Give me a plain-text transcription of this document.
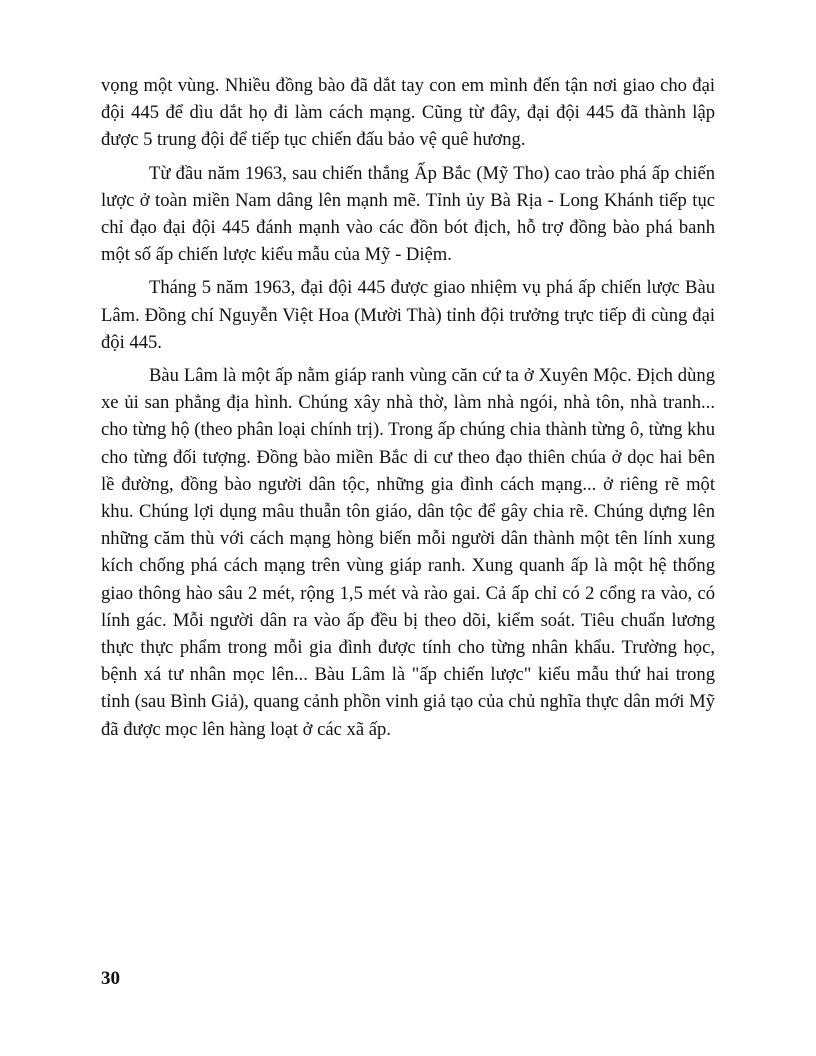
vọng một vùng. Nhiều đồng bào đã dắt tay con em mình đến tận nơi giao cho đại đội 445 để dìu dắt họ đi làm cách mạng. Cũng từ đây, đại đội 445 đã thành lập được 5 trung đội để tiếp tục chiến đấu bảo vệ quê hương.

Từ đầu năm 1963, sau chiến thắng Ấp Bắc (Mỹ Tho) cao trào phá ấp chiến lược ở toàn miền Nam dâng lên mạnh mẽ. Tỉnh ủy Bà Rịa - Long Khánh tiếp tục chỉ đạo đại đội 445 đánh mạnh vào các đồn bót địch, hỗ trợ đồng bào phá banh một số ấp chiến lược kiểu mẫu của Mỹ - Diệm.

Tháng 5 năm 1963, đại đội 445 được giao nhiệm vụ phá ấp chiến lược Bàu Lâm. Đồng chí Nguyễn Việt Hoa (Mười Thà) tỉnh đội trưởng trực tiếp đi cùng đại đội 445.

Bàu Lâm là một ấp nằm giáp ranh vùng căn cứ ta ở Xuyên Mộc. Địch dùng xe ủi san phẳng địa hình. Chúng xây nhà thờ, làm nhà ngói, nhà tôn, nhà tranh... cho từng hộ (theo phân loại chính trị). Trong ấp chúng chia thành từng ô, từng khu cho từng đối tượng. Đồng bào miền Bắc di cư theo đạo thiên chúa ở dọc hai bên lề đường, đồng bào người dân tộc, những gia đình cách mạng... ở riêng rẽ một khu. Chúng lợi dụng mâu thuẫn tôn giáo, dân tộc để gây chia rẽ. Chúng dựng lên những căm thù với cách mạng hòng biến mỗi người dân thành một tên lính xung kích chống phá cách mạng trên vùng giáp ranh. Xung quanh ấp là một hệ thống giao thông hào sâu 2 mét, rộng 1,5 mét và rào gai. Cả ấp chỉ có 2 cổng ra vào, có lính gác. Mỗi người dân ra vào ấp đều bị theo dõi, kiểm soát. Tiêu chuẩn lương thực thực phẩm trong mỗi gia đình được tính cho từng nhân khẩu. Trường học, bệnh xá tư nhân mọc lên... Bàu Lâm là "ấp chiến lược" kiểu mẫu thứ hai trong tỉnh (sau Bình Giả), quang cảnh phồn vinh giả tạo của chủ nghĩa thực dân mới Mỹ đã được mọc lên hàng loạt ở các xã ấp.

30
